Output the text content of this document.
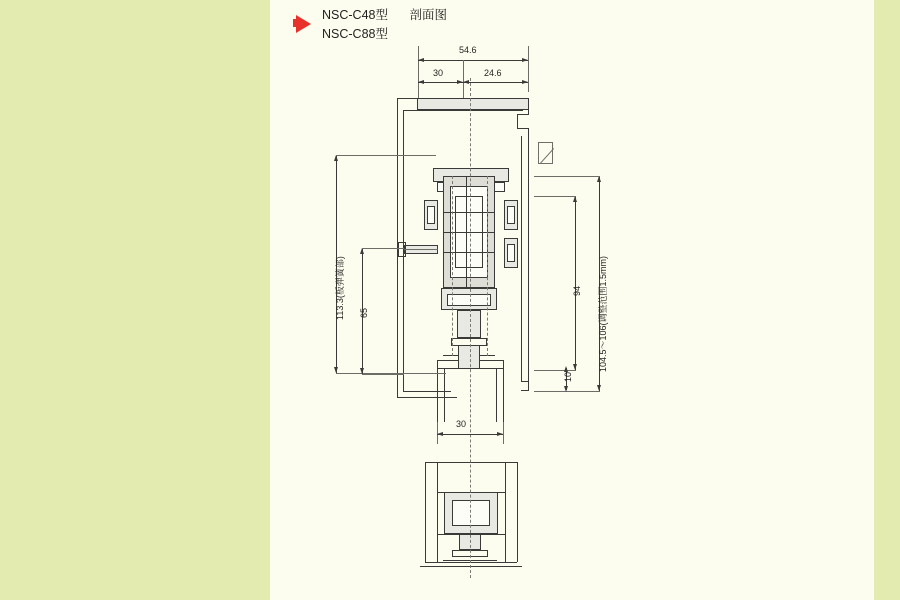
NSC-C48型 剖面图
NSC-C88型
54.6
30	24.6
113.3(板弹簧部) 65
94 104.5～106(调整范围1.5mm)
10
30
